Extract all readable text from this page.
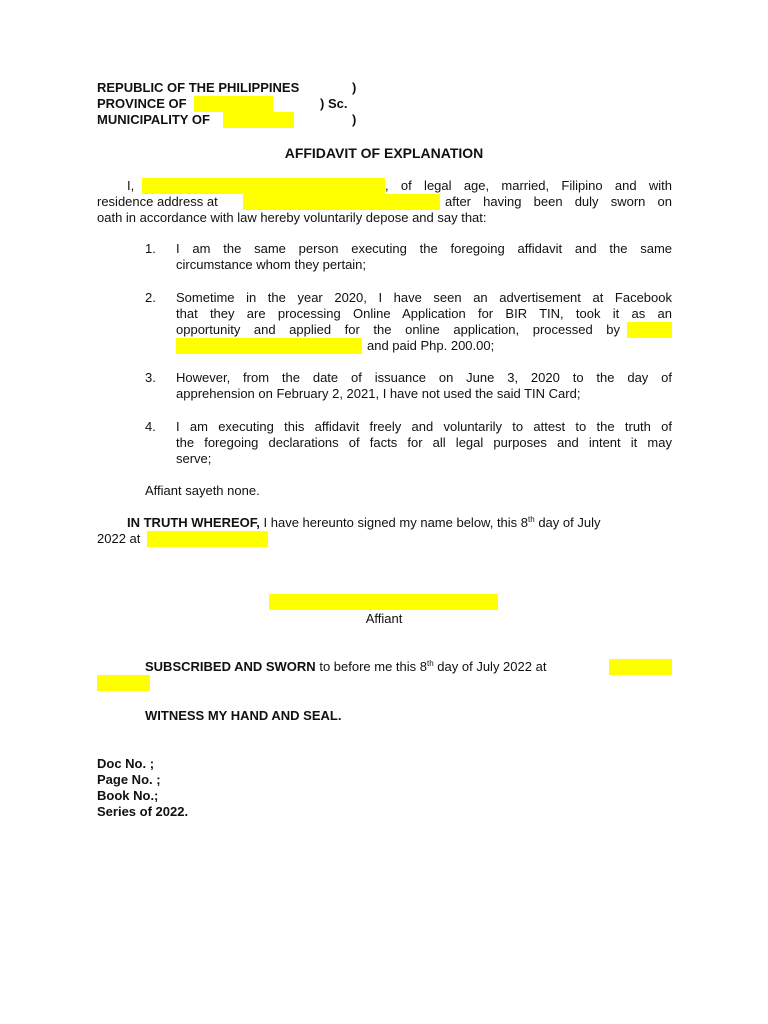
REPUBLIC OF THE PHILIPPINES	)
PROVINCE OF	) Sc.
MUNICIPALITY OF	)
AFFIDAVIT OF EXPLANATION
I,	, of legal age, married, Filipino and with
residence address at	after having been duly sworn on
oath in accordance with law hereby voluntarily depose and say that:
1. I am the same person executing the foregoing affidavit and the same
circumstance whom they pertain;
2. Sometime in the year 2020, I have seen an advertisement at Facebook
that they are processing Online Application for BIR TIN, took it as an
opportunity and applied for the online application, processed by
and paid Php. 200.00;
3. However, from the date of issuance on June 3, 2020 to the day of
apprehension on February 2, 2021, I have not used the said TIN Card;
4. I am executing this affidavit freely and voluntarily to attest to the truth of
the foregoing declarations of facts for all legal purposes and intent it may
serve;
Affiant sayeth none.
IN TRUTH WHEREOF, I have hereunto signed my name below, this 8th day of July
2022 at
Affiant
SUBSCRIBED AND SWORN to before me this 8th day of July 2022 at
WITNESS MY HAND AND SEAL.
Doc No. ;
Page No. ;
Book No.;
Series of 2022.
